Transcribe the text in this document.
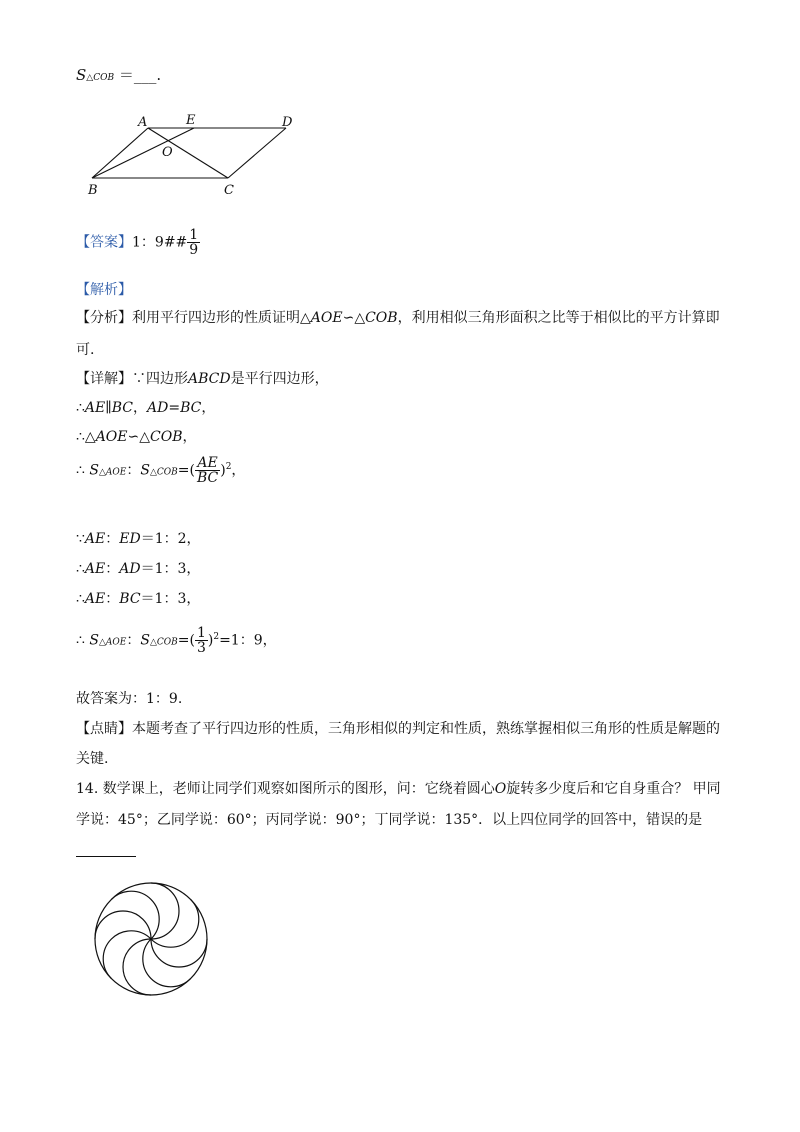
S△COB ＝___.
A	E	D
O
B	C
【答案】1：9## $\frac{1}{9}$
【解析】
【分析】利用平行四边形的性质证明△AOE∽△COB，利用相似三角形面积之比等于相似比的平方计算即
可.
【详解】∵四边形ABCD是平行四边形，
∴AE∥BC，AD=BC，
∴△AOE∽△COB，
∴ S△AOE：S△COB=( $\frac{AE}{BC} )^2$，
∵AE：ED＝1：2，
∴AE：AD＝1：3，
∴AE：BC＝1：3，
∴ S△AOE：S△COB=( $\frac{1}{3} )^2=1$：9，
故答案为：1：9.
【点睛】本题考查了平行四边形的性质，三角形相似的判定和性质，熟练掌握相似三角形的性质是解题的
关键.
14. 数学课上，老师让同学们观察如图所示的图形，问：它绕着圆心O旋转多少度后和它自身重合？ 甲同
学说：45°；乙同学说：60°；丙同学说：90°；丁同学说：135°．以上四位同学的回答中，错误的是
